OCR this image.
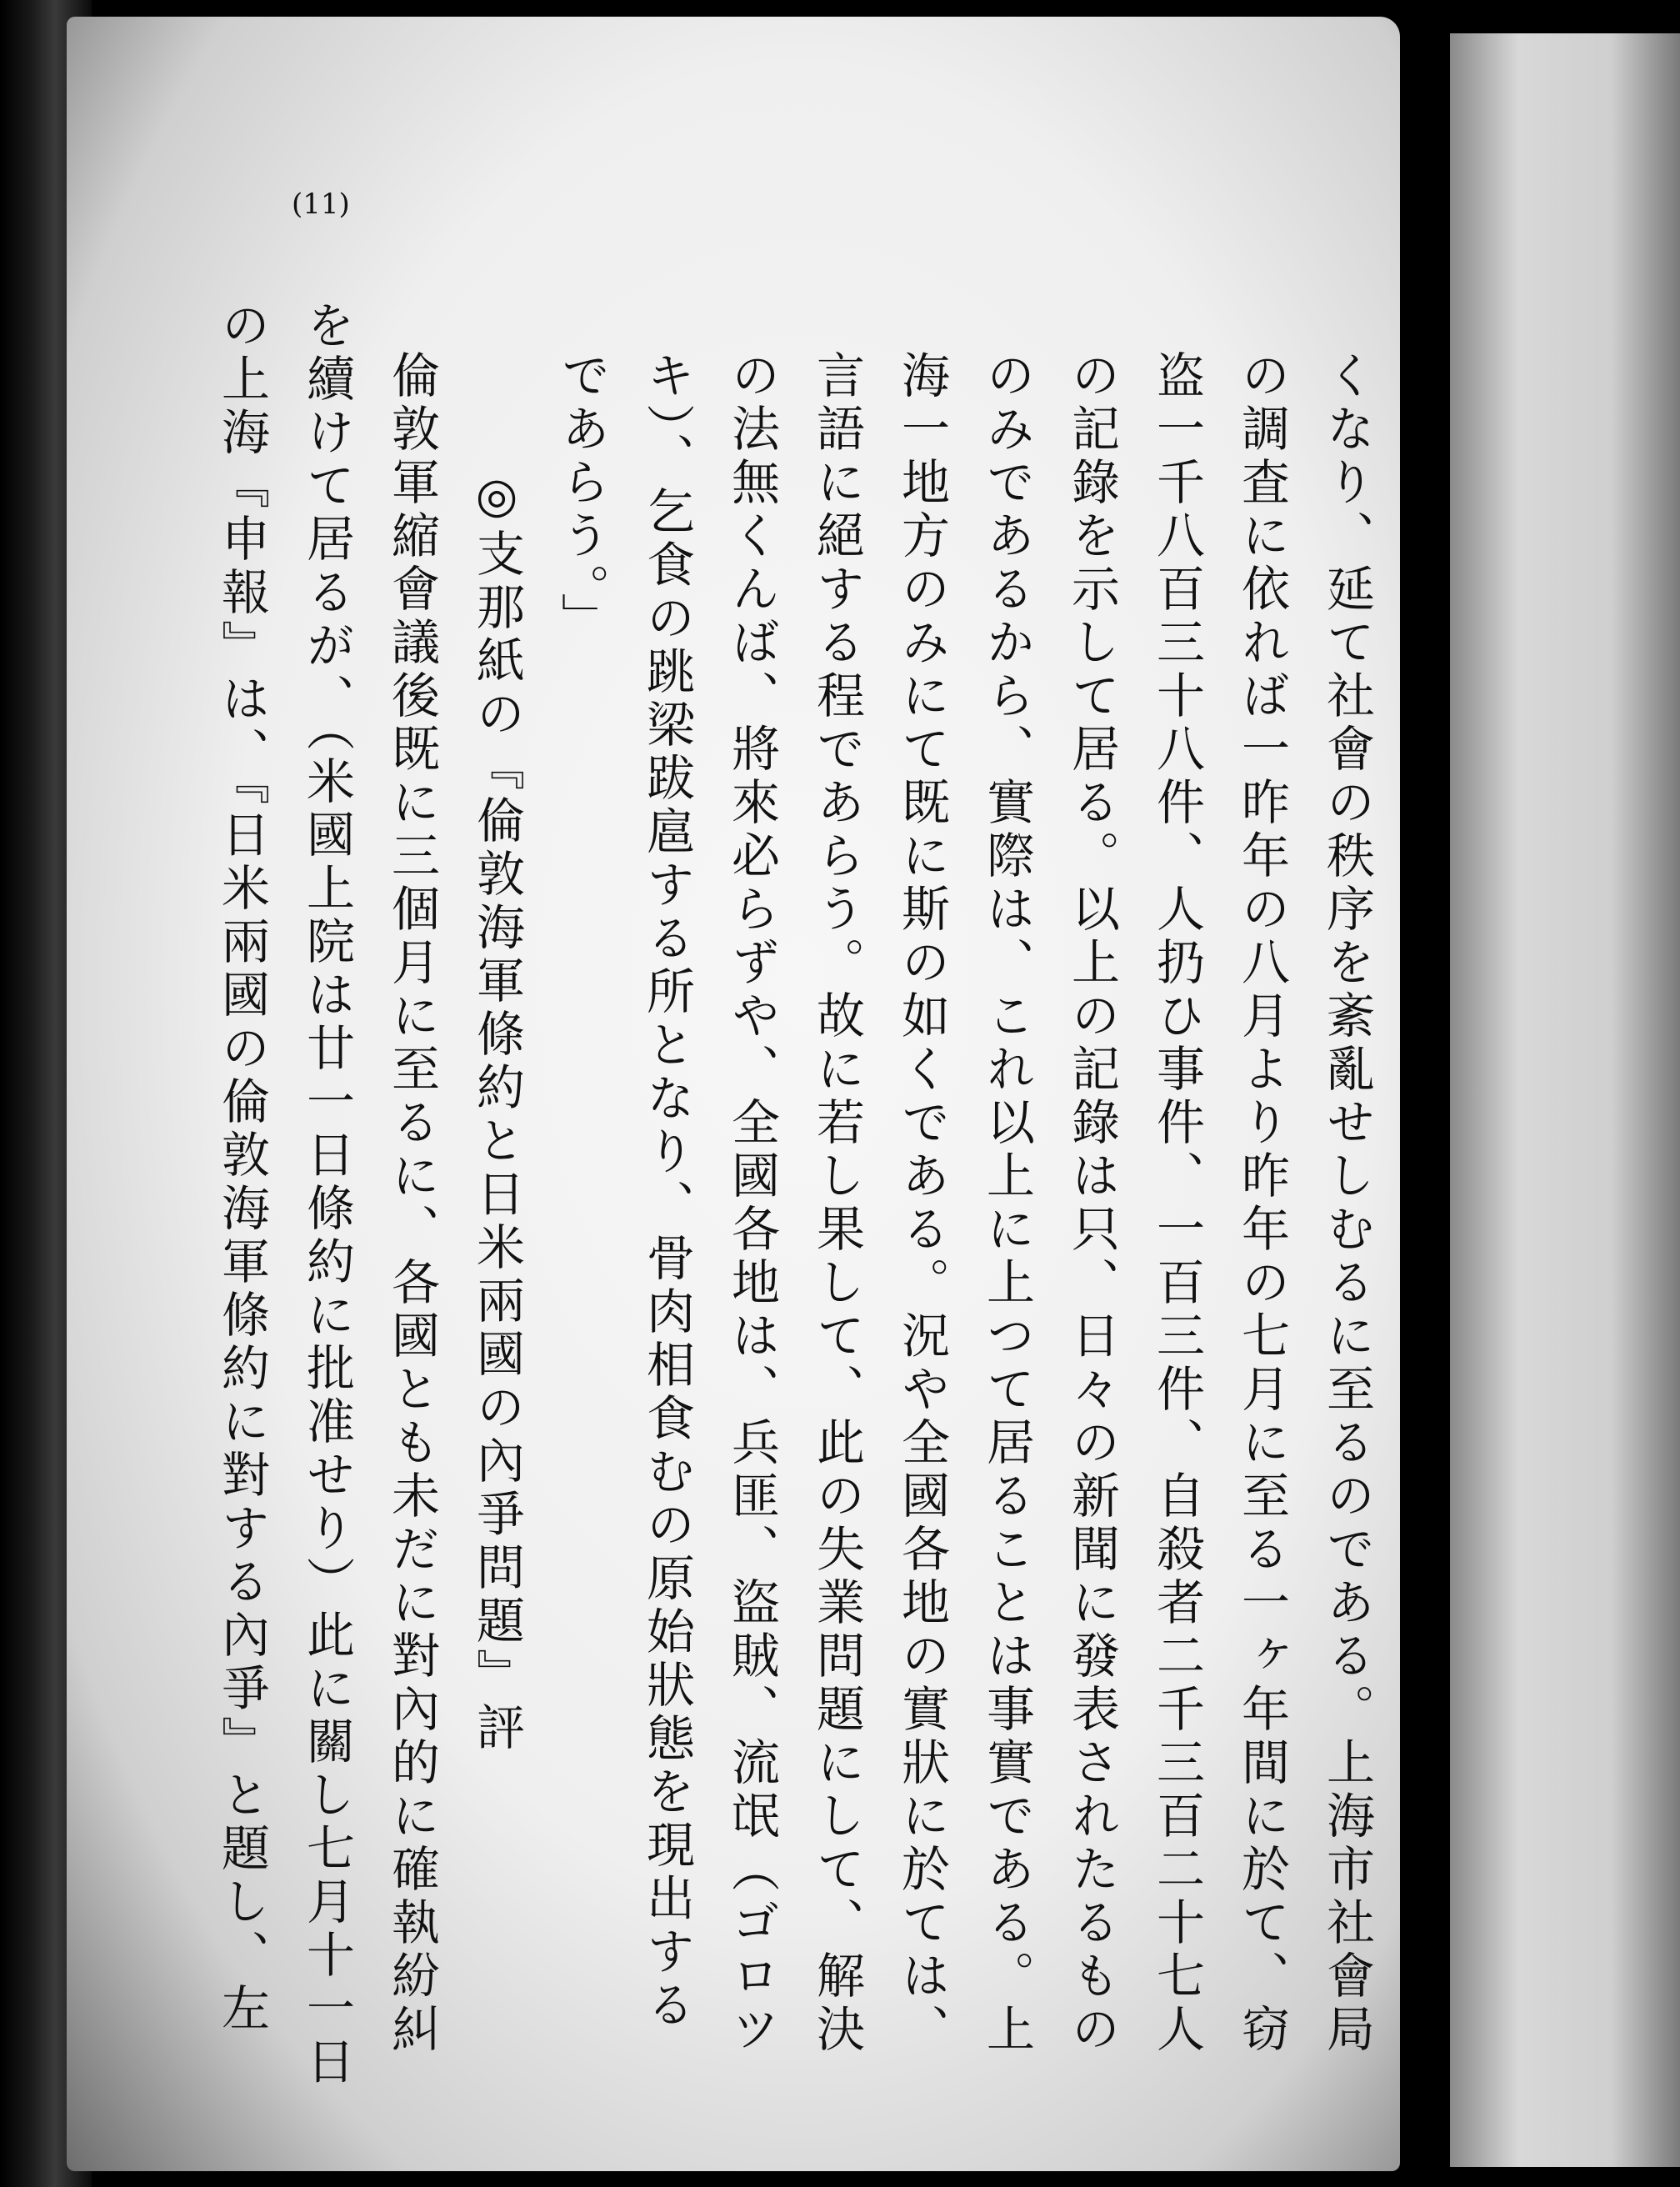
(11)
くなり、延て社會の秩序を紊亂せしむるに至るのである。上海市社會局
の調査に依れば一昨年の八月より昨年の七月に至る一ヶ年間に於て、窃
盗一千八百三十八件、人扔ひ事件、一百三件、自殺者二千三百二十七人
の記錄を示して居る。以上の記錄は只、日々の新聞に發表されたるもの
のみであるから、實際は、これ以上に上つて居ることは事實である。上
海一地方のみにて既に斯の如くである。況や全國各地の實狀に於ては、
言語に絕する程であらう。故に若し果して、此の失業問題にして、解決
の法無くんば、將來必らずや、全國各地は、兵匪、盜賊、流氓（ゴロツ
キ）、乞食の跳梁跋扈する所となり、骨肉相食むの原始狀態を現出する
であらう。」
◎支那紙の『倫敦海軍條約と日米兩國の內爭問題』評
倫敦軍縮會議後既に三個月に至るに、各國とも未だに對內的に確執紛糾
を續けて居るが、（米國上院は廿一日條約に批准せり）此に關し七月十一日
の上海『申報』は、『日米兩國の倫敦海軍條約に對する內爭』と題し、左
